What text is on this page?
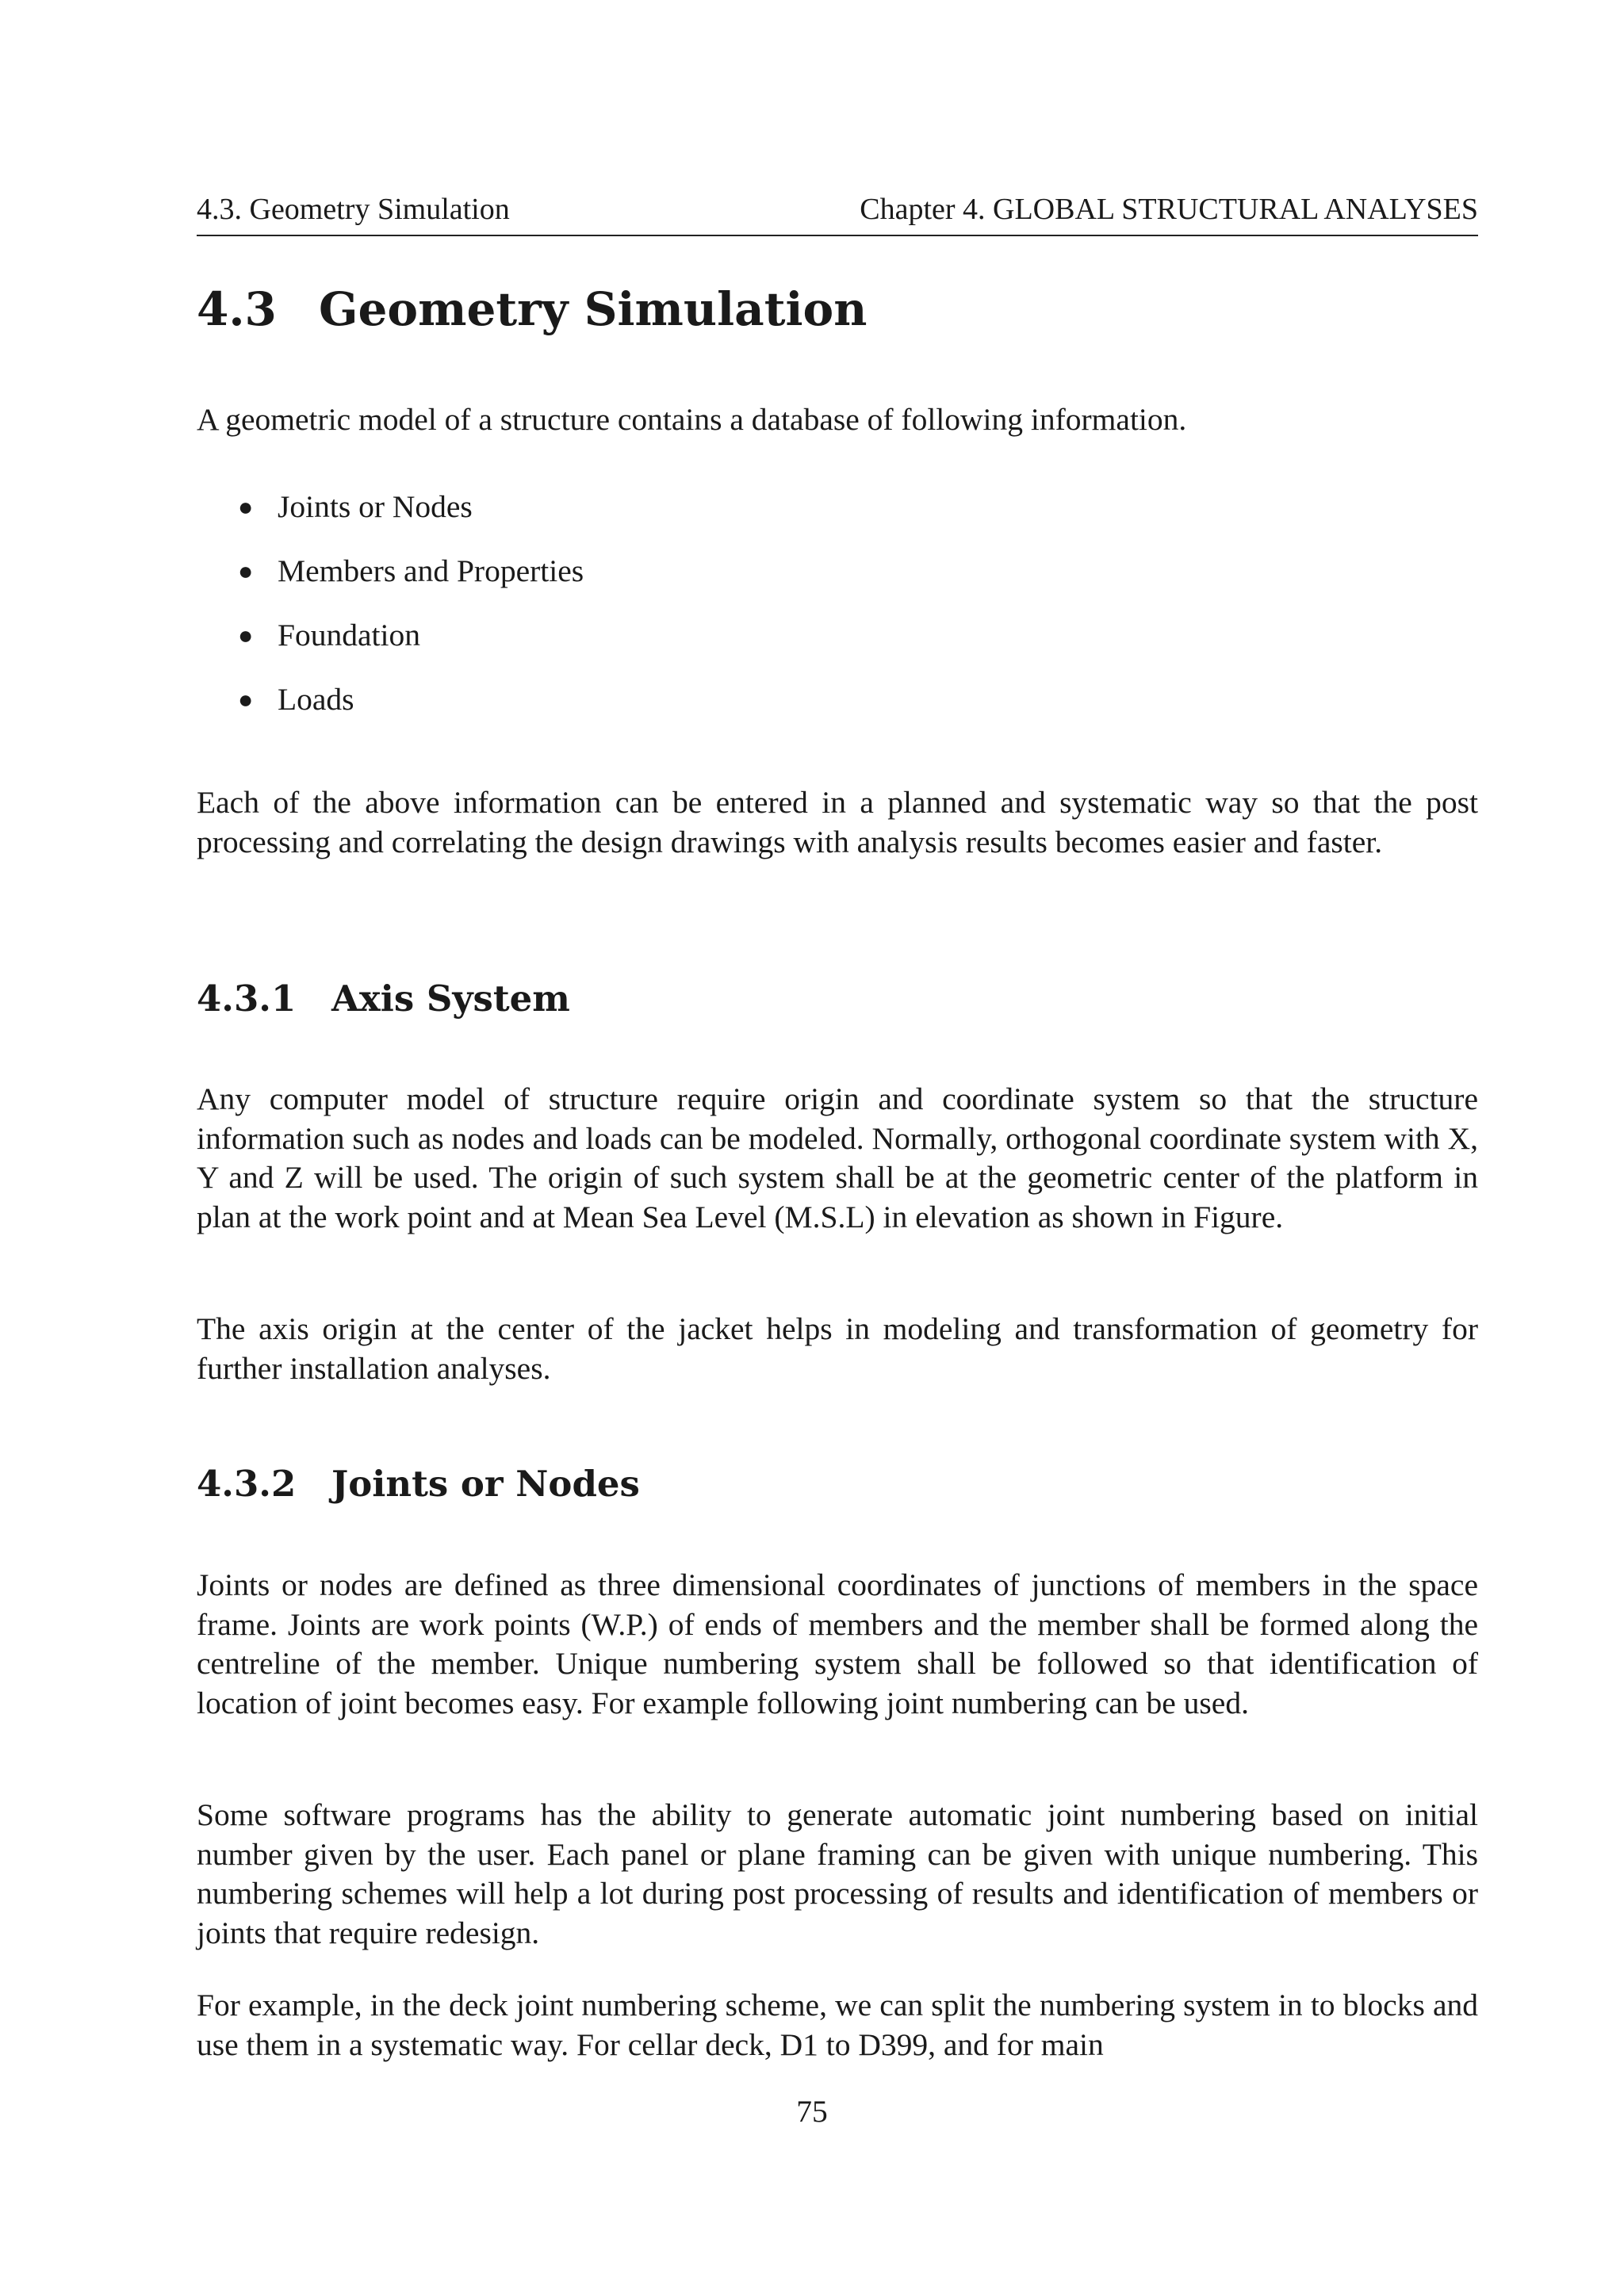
4.3. Geometry Simulation	Chapter 4. GLOBAL STRUCTURAL ANALYSES
4.3 Geometry Simulation

A geometric model of a structure contains a database of following information.

● Joints or Nodes
● Members and Properties
● Foundation
● Loads

Each of the above information can be entered in a planned and systematic way so that the post processing and correlating the design drawings with analysis results becomes easier and faster.

4.3.1 Axis System

Any computer model of structure require origin and coordinate system so that the structure information such as nodes and loads can be modeled. Normally, orthogonal coordinate system with X, Y and Z will be used. The origin of such system shall be at the geometric center of the platform in plan at the work point and at Mean Sea Level (M.S.L) in elevation as shown in Figure.

The axis origin at the center of the jacket helps in modeling and transformation of geometry for further installation analyses.

4.3.2 Joints or Nodes

Joints or nodes are defined as three dimensional coordinates of junctions of members in the space frame. Joints are work points (W.P.) of ends of members and the member shall be formed along the centreline of the member. Unique numbering system shall be followed so that identification of location of joint becomes easy. For example following joint numbering can be used.

Some software programs has the ability to generate automatic joint numbering based on initial number given by the user. Each panel or plane framing can be given with unique numbering. This numbering schemes will help a lot during post processing of results and identification of members or joints that require redesign.

For example, in the deck joint numbering scheme, we can split the numbering system in to blocks and use them in a systematic way. For cellar deck, D1 to D399, and for main

75
